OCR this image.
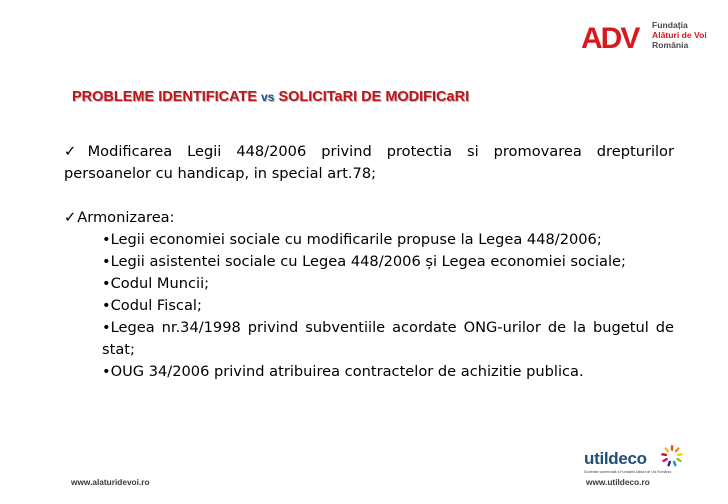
ADV Fundația
Alături de Voi
România
PROBLEME IDENTIFICATE vs SOLICITaRI DE MODIFICaRI
✓Modificarea Legii 448/2006 privind protectia si promovarea drepturilor persoanelor cu handicap, in special art.78;
✓Armonizarea:
•Legii economiei sociale cu modificarile propuse la Legea 448/2006;
•Legii asistentei sociale cu Legea 448/2006 și Legea economiei sociale;
•Codul Muncii;
•Codul Fiscal;
•Legea nr.34/1998 privind subventiile acordate ONG-urilor de la bugetul de stat;
•OUG 34/2006 privind atribuirea contractelor de achizitie publica.
www.alaturidevoi.ro
utildeco
Societate comercială a Fundației Alături de Voi România
www.utildeco.ro
